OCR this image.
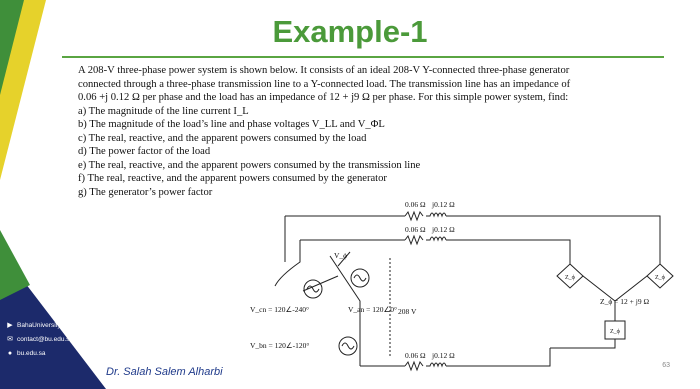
Example-1

A 208-V three-phase power system is shown below. It consists of an ideal 208-V Y-connected three-phase generator

connected through a three-phase transmission line to a Y-connected load. The transmission line has an impedance of

0.06 +j 0.12 Ω per phase and the load has an impedance of 12 + j9 Ω per phase. For this simple power system, find:

a) The magnitude of the line current I_L

b) The magnitude of the load’s line and phase voltages V_LL and V_ΦL

c) The real, reactive, and the apparent powers consumed by the load

d) The power factor of the load

e) The real, reactive, and the apparent powers consumed by the transmission line

f) The real, reactive, and the apparent powers consumed by the generator

g) The generator’s power factor

0.06 Ω j0.12 Ω
0.06 Ω j0.12 Ω
0.06 Ω j0.12 Ω
V_cn = 120∠-240°	V_an = 120∠0°
V_bn = 120∠-120°
208 V
V_ϕ
Z_ϕ	Z_ϕ
Z_ϕ
Z_ϕ = 12 + j9 Ω
▶ BahaUniversity
✉ contact@bu.edu.sa
● bu.edu.sa
Dr. Salah Salem Alharbi
63
